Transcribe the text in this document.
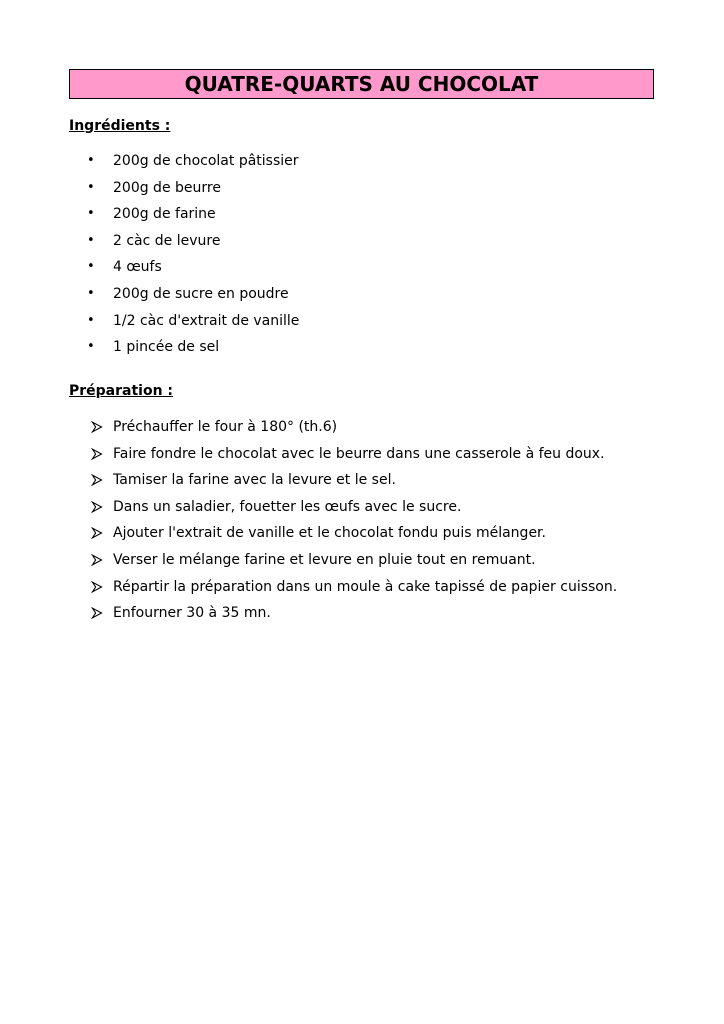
QUATRE-QUARTS AU CHOCOLAT
Ingrédients :
• 200g de chocolat pâtissier
• 200g de beurre
• 200g de farine
• 2 càc de levure
• 4 œufs
• 200g de sucre en poudre
• 1/2 càc d'extrait de vanille
• 1 pincée de sel
Préparation :
Préchauffer le four à 180° (th.6)
Faire fondre le chocolat avec le beurre dans une casserole à feu doux.
Tamiser la farine avec la levure et le sel.
Dans un saladier, fouetter les œufs avec le sucre.
Ajouter l'extrait de vanille et le chocolat fondu puis mélanger.
Verser le mélange farine et levure en pluie tout en remuant.
Répartir la préparation dans un moule à cake tapissé de papier cuisson.
Enfourner 30 à 35 mn.
